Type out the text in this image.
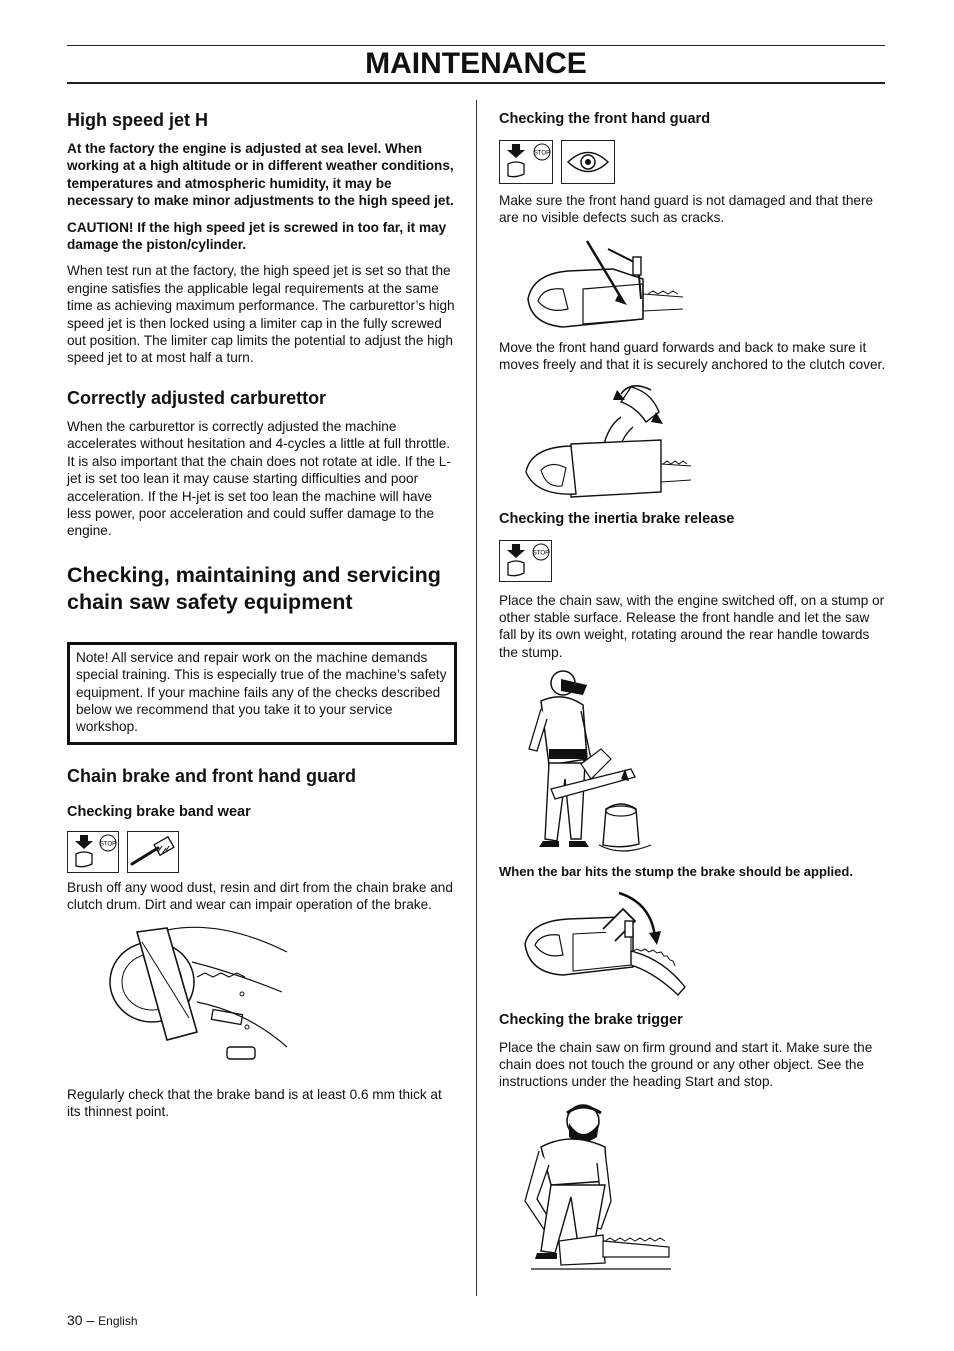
MAINTENANCE
High speed jet H

At the factory the engine is adjusted at sea level. When working at a high altitude or in different weather conditions, temperatures and atmospheric humidity, it may be necessary to make minor adjustments to the high speed jet.

CAUTION! If the high speed jet is screwed in too far, it may damage the piston/cylinder.

When test run at the factory, the high speed jet is set so that the engine satisfies the applicable legal requirements at the same time as achieving maximum performance. The carburettor’s high speed jet is then locked using a limiter cap in the fully screwed out position. The limiter cap limits the potential to adjust the high speed jet to at most half a turn.

Correctly adjusted carburettor

When the carburettor is correctly adjusted the machine accelerates without hesitation and 4-cycles a little at full throttle. It is also important that the chain does not rotate at idle. If the L-jet is set too lean it may cause starting difficulties and poor acceleration. If the H-jet is set too lean the machine will have less power, poor acceleration and could suffer damage to the engine.

Checking, maintaining and servicing chain saw safety equipment
Note! All service and repair work on the machine demands special training. This is especially true of the machine’s safety equipment. If your machine fails any of the checks described below we recommend that you take it to your service workshop.
Chain brake and front hand guard
Checking brake band wear
STOP

Brush off any wood dust, resin and dirt from the chain brake and clutch drum. Dirt and wear can impair operation of the brake.

Regularly check that the brake band is at least 0.6 mm thick at its thinnest point.

Checking the front hand guard
STOP

Make sure the front hand guard is not damaged and that there are no visible defects such as cracks.

Move the front hand guard forwards and back to make sure it moves freely and that it is securely anchored to the clutch cover.

Checking the inertia brake release
STOP

Place the chain saw, with the engine switched off, on a stump or other stable surface. Release the front handle and let the saw fall by its own weight, rotating around the rear handle towards the stump.

When the bar hits the stump the brake should be applied.

Checking the brake trigger

Place the chain saw on firm ground and start it. Make sure the chain does not touch the ground or any other object. See the instructions under the heading Start and stop.

30 – English
